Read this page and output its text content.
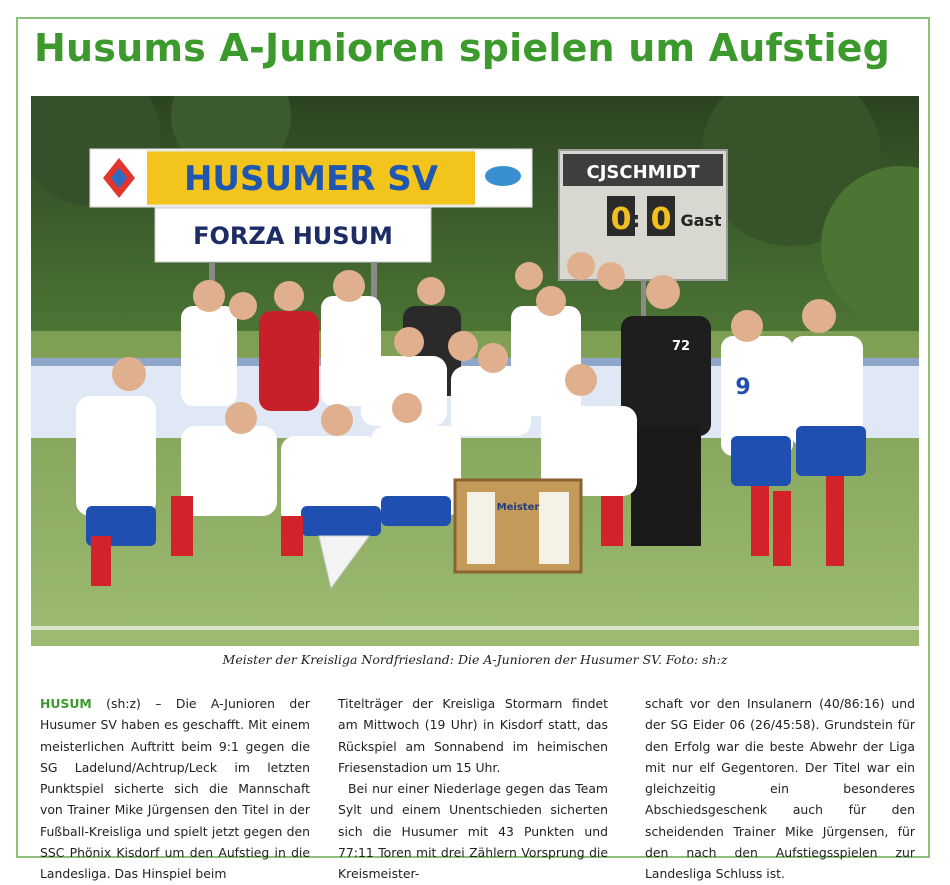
Husums A-Junioren spielen um Aufstieg
HUSUMER SV
FORZA HUSUM
CJSCHMIDT
0 : 0 Gast
72
9
Meister
Meister der Kreisliga Nordfriesland: Die A-Junioren der Husumer SV. Foto: sh:z

HUSUM (sh:z) – Die A-Junioren der Husumer SV haben es geschafft. Mit einem meisterlichen Auftritt beim 9:1 gegen die SG Ladelund/Achtrup/Leck im letzten Punktspiel sicherte sich die Mannschaft von Trainer Mike Jürgensen den Titel in der Fußball-Kreisliga und spielt jetzt gegen den SSC Phönix Kisdorf um den Aufstieg in die Landesliga. Das Hinspiel beim

Titelträger der Kreisliga Stormarn findet am Mittwoch (19 Uhr) in Kisdorf statt, das Rückspiel am Sonnabend im heimischen Friesenstadion um 15 Uhr.

Bei nur einer Niederlage gegen das Team Sylt und einem Unentschieden sicherten sich die Husumer mit 43 Punkten und 77:11 Toren mit drei Zählern Vorsprung die Kreismeister-

schaft vor den Insulanern (40/86:16) und der SG Eider 06 (26/45:58). Grundstein für den Erfolg war die beste Abwehr der Liga mit nur elf Gegentoren. Der Titel war ein gleichzeitig ein besonderes Abschiedsgeschenk auch für den scheidenden Trainer Mike Jürgensen, für den nach den Aufstiegsspielen zur Landesliga Schluss ist.
